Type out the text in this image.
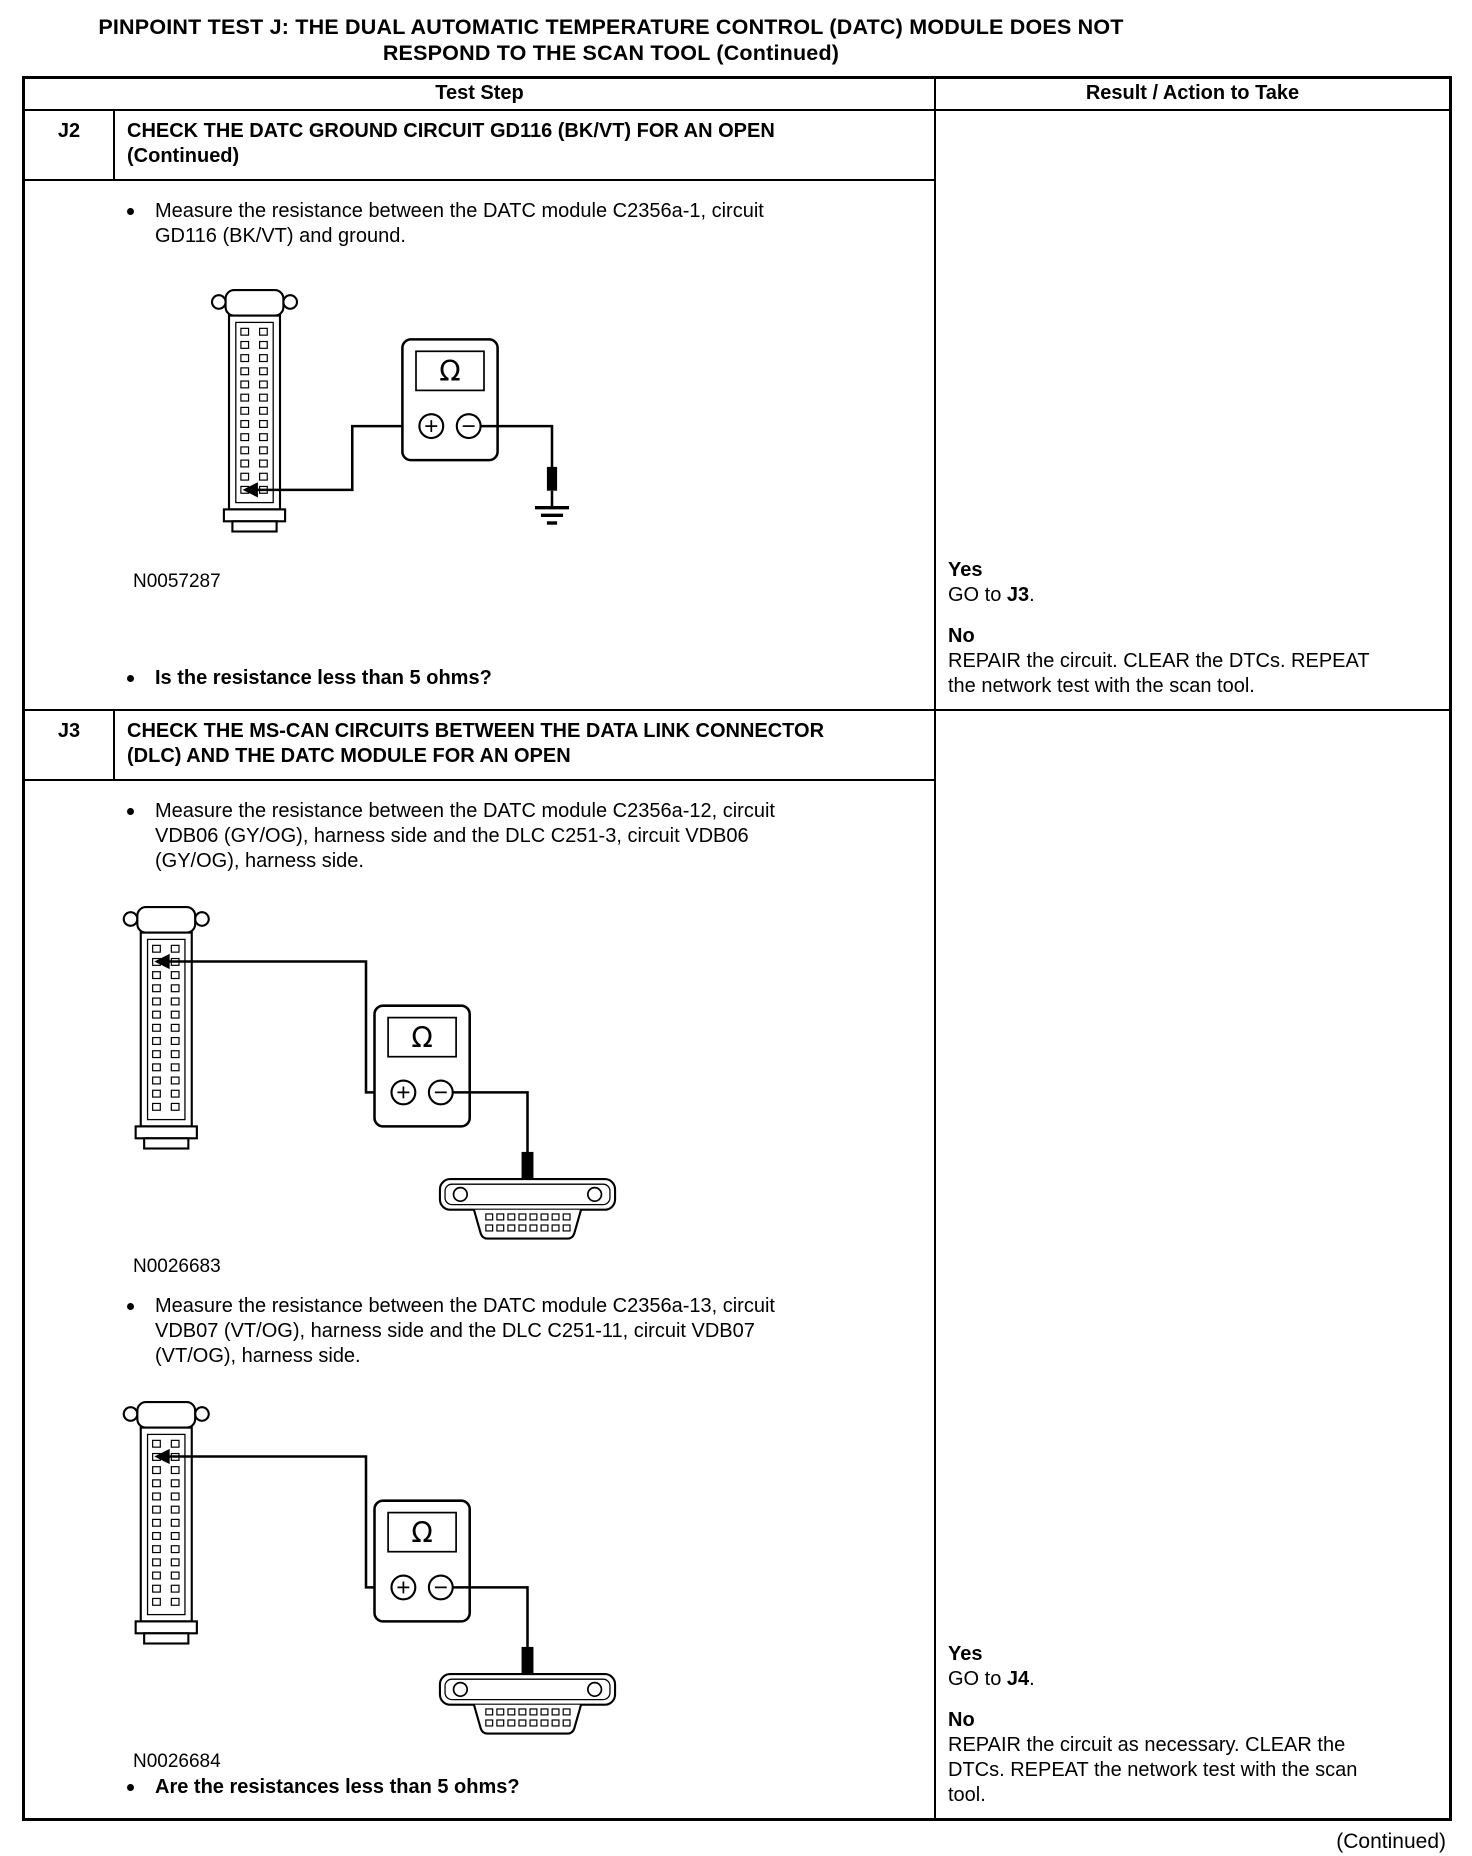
PINPOINT TEST J: THE DUAL AUTOMATIC TEMPERATURE CONTROL (DATC) MODULE DOES NOT
RESPOND TO THE SCAN TOOL (Continued)
Test Step	Result / Action to Take
J2	CHECK THE DATC GROUND CIRCUIT GD116 (BK/VT) FOR AN OPEN (Continued)
Measure the resistance between the DATC module C2356a-1, circuit GD116 (BK/VT) and ground.
N0057287
Is the resistance less than 5 ohms?
Yes
GO to J3.
No
REPAIR the circuit. CLEAR the DTCs. REPEAT the network test with the scan tool.
J3	CHECK THE MS-CAN CIRCUITS BETWEEN THE DATA LINK CONNECTOR (DLC) AND THE DATC MODULE FOR AN OPEN
Measure the resistance between the DATC module C2356a-12, circuit VDB06 (GY/OG), harness side and the DLC C251-3, circuit VDB06 (GY/OG), harness side.
N0026683
Measure the resistance between the DATC module C2356a-13, circuit VDB07 (VT/OG), harness side and the DLC C251-11, circuit VDB07 (VT/OG), harness side.
N0026684
Are the resistances less than 5 ohms?
Yes
GO to J4.
No
REPAIR the circuit as necessary. CLEAR the DTCs. REPEAT the network test with the scan tool.
(Continued)
